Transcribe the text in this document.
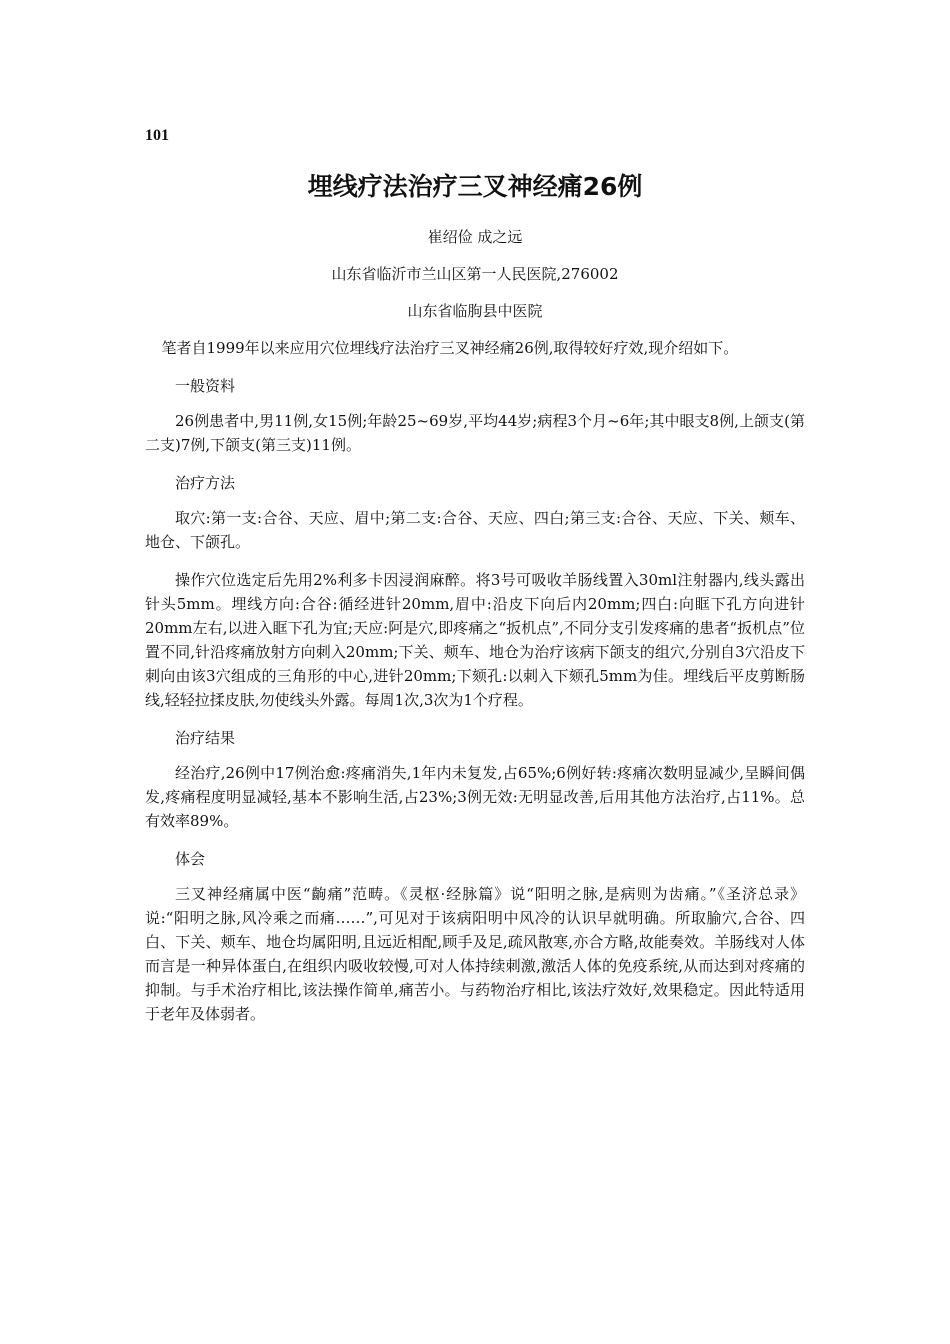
101
埋线疗法治疗三叉神经痛26例
崔绍俭 成之远
山东省临沂市兰山区第一人民医院,276002
山东省临朐县中医院

笔者自1999年以来应用穴位埋线疗法治疗三叉神经痛26例,取得较好疗效,现介绍如下。

一般资料

26例患者中,男11例,女15例;年龄25~69岁,平均44岁;病程3个月~6年;其中眼支8例,上颌支(第二支)7例,下颌支(第三支)11例。

治疗方法

取穴:第一支:合谷、天应、眉中;第二支:合谷、天应、四白;第三支:合谷、天应、下关、颊车、地仓、下颌孔。

操作穴位选定后先用2%利多卡因浸润麻醉。将3号可吸收羊肠线置入30ml注射器内,线头露出针头5mm。埋线方向:合谷:循经进针20mm,眉中:沿皮下向后内20mm;四白:向眶下孔方向进针20mm左右,以进入眶下孔为宜;天应:阿是穴,即疼痛之“扳机点”,不同分支引发疼痛的患者“扳机点”位置不同,针沿疼痛放射方向刺入20mm;下关、颊车、地仓为治疗该病下颌支的组穴,分别自3穴沿皮下刺向由该3穴组成的三角形的中心,进针20mm;下颏孔:以刺入下颏孔5mm为佳。埋线后平皮剪断肠线,轻轻拉揉皮肤,勿使线头外露。每周1次,3次为1个疗程。

治疗结果

经治疗,26例中17例治愈:疼痛消失,1年内未复发,占65%;6例好转:疼痛次数明显减少,呈瞬间偶发,疼痛程度明显减轻,基本不影响生活,占23%;3例无效:无明显改善,后用其他方法治疗,占11%。总有效率89%。

体会

三叉神经痛属中医“齣痛”范畴。《灵枢·经脉篇》说“阳明之脉,是病则为齿痛。”《圣济总录》说:“阳明之脉,风冷乘之而痛……”,可见对于该病阳明中风冷的认识早就明确。所取腧穴,合谷、四白、下关、颊车、地仓均属阳明,且远近相配,顾手及足,疏风散寒,亦合方略,故能奏效。羊肠线对人体而言是一种异体蛋白,在组织内吸收较慢,可对人体持续刺激,激活人体的免疫系统,从而达到对疼痛的抑制。与手术治疗相比,该法操作简单,痛苦小。与药物治疗相比,该法疗效好,效果稳定。因此特适用于老年及体弱者。
